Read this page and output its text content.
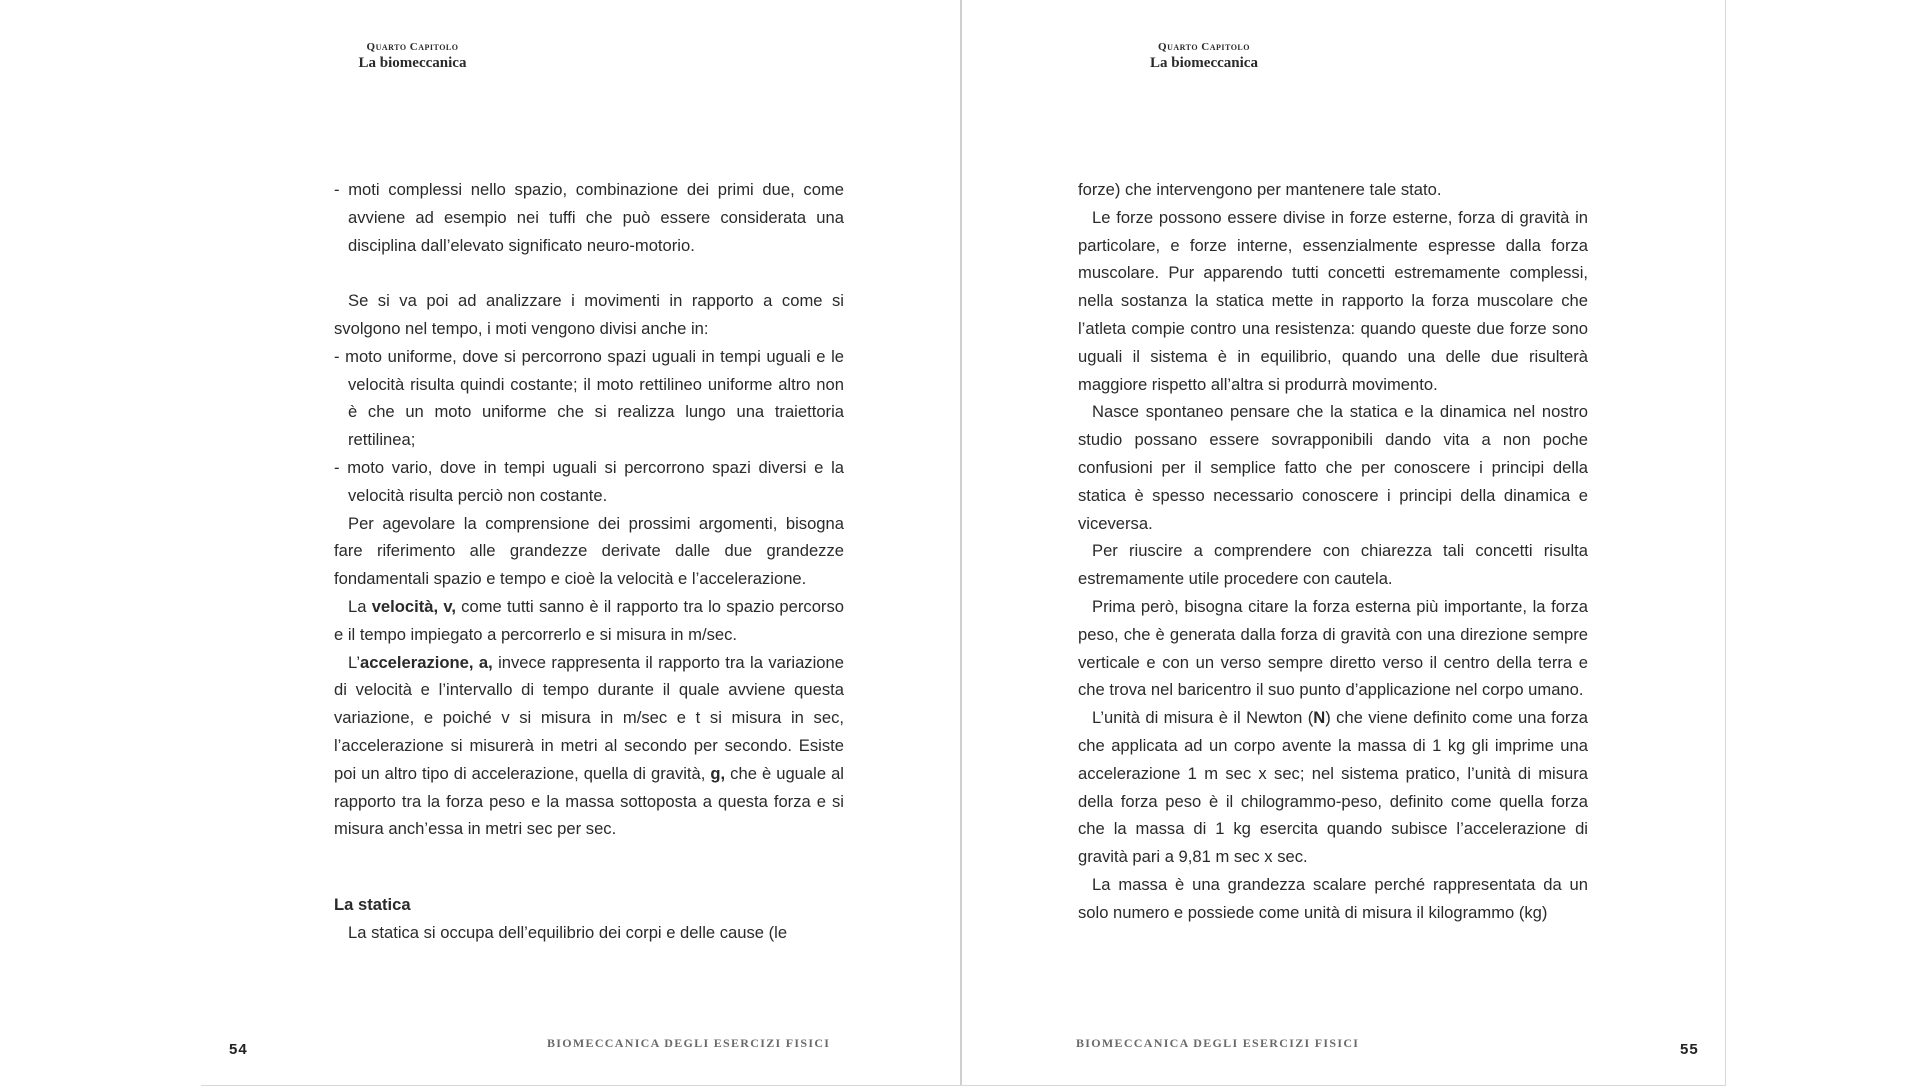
Quarto Capitolo
La biomeccanica

- moti complessi nello spazio, combinazione dei primi due, come avviene ad esempio nei tuffi che può essere considerata una disciplina dall’elevato significato neuro-motorio.

Se si va poi ad analizzare i movimenti in rapporto a come si svolgono nel tempo, i moti vengono divisi anche in:

- moto uniforme, dove si percorrono spazi uguali in tempi uguali e le velocità risulta quindi costante; il moto rettilineo uniforme altro non è che un moto uniforme che si realizza lungo una traiettoria rettilinea;

- moto vario, dove in tempi uguali si percorrono spazi diversi e la velocità risulta perciò non costante.

Per agevolare la comprensione dei prossimi argomenti, bisogna fare riferimento alle grandezze derivate dalle due grandezze fondamentali spazio e tempo e cioè la velocità e l’accelerazione.

La velocità, v, come tutti sanno è il rapporto tra lo spazio percorso e il tempo impiegato a percorrerlo e si misura in m/sec.

L’accelerazione, a, invece rappresenta il rapporto tra la variazione di velocità e l’intervallo di tempo durante il quale avviene questa variazione, e poiché v si misura in m/sec e t si misura in sec, l’accelerazione si misurerà in metri al secondo per secondo. Esiste poi un altro tipo di accelerazione, quella di gravità, g, che è uguale al rapporto tra la forza peso e la massa sottoposta a questa forza e si misura anch’essa in metri sec per sec.

La statica

La statica si occupa dell’equilibrio dei corpi e delle cause (le

54	BIOMECCANICA DEGLI ESERCIZI FISICI
Quarto Capitolo
La biomeccanica

forze) che intervengono per mantenere tale stato.

Le forze possono essere divise in forze esterne, forza di gravità in particolare, e forze interne, essenzialmente espresse dalla forza muscolare. Pur apparendo tutti concetti estremamente complessi, nella sostanza la statica mette in rapporto la forza muscolare che l’atleta compie contro una resistenza: quando queste due forze sono uguali il sistema è in equilibrio, quando una delle due risulterà maggiore rispetto all’altra si produrrà movimento.

Nasce spontaneo pensare che la statica e la dinamica nel nostro studio possano essere sovrapponibili dando vita a non poche confusioni per il semplice fatto che per conoscere i principi della statica è spesso necessario conoscere i principi della dinamica e viceversa.

Per riuscire a comprendere con chiarezza tali concetti risulta estremamente utile procedere con cautela.

Prima però, bisogna citare la forza esterna più importante, la forza peso, che è generata dalla forza di gravità con una direzione sempre verticale e con un verso sempre diretto verso il centro della terra e che trova nel baricentro il suo punto d’applicazione nel corpo umano.

L’unità di misura è il Newton (N) che viene definito come una forza che applicata ad un corpo avente la massa di 1 kg gli imprime una accelerazione 1 m sec x sec; nel sistema pratico, l’unità di misura della forza peso è il chilogrammo-peso, definito come quella forza che la massa di 1 kg esercita quando subisce l’accelerazione di gravità pari a 9,81 m sec x sec.

La massa è una grandezza scalare perché rappresentata da un solo numero e possiede come unità di misura il kilogrammo (kg)

BIOMECCANICA DEGLI ESERCIZI FISICI	55
